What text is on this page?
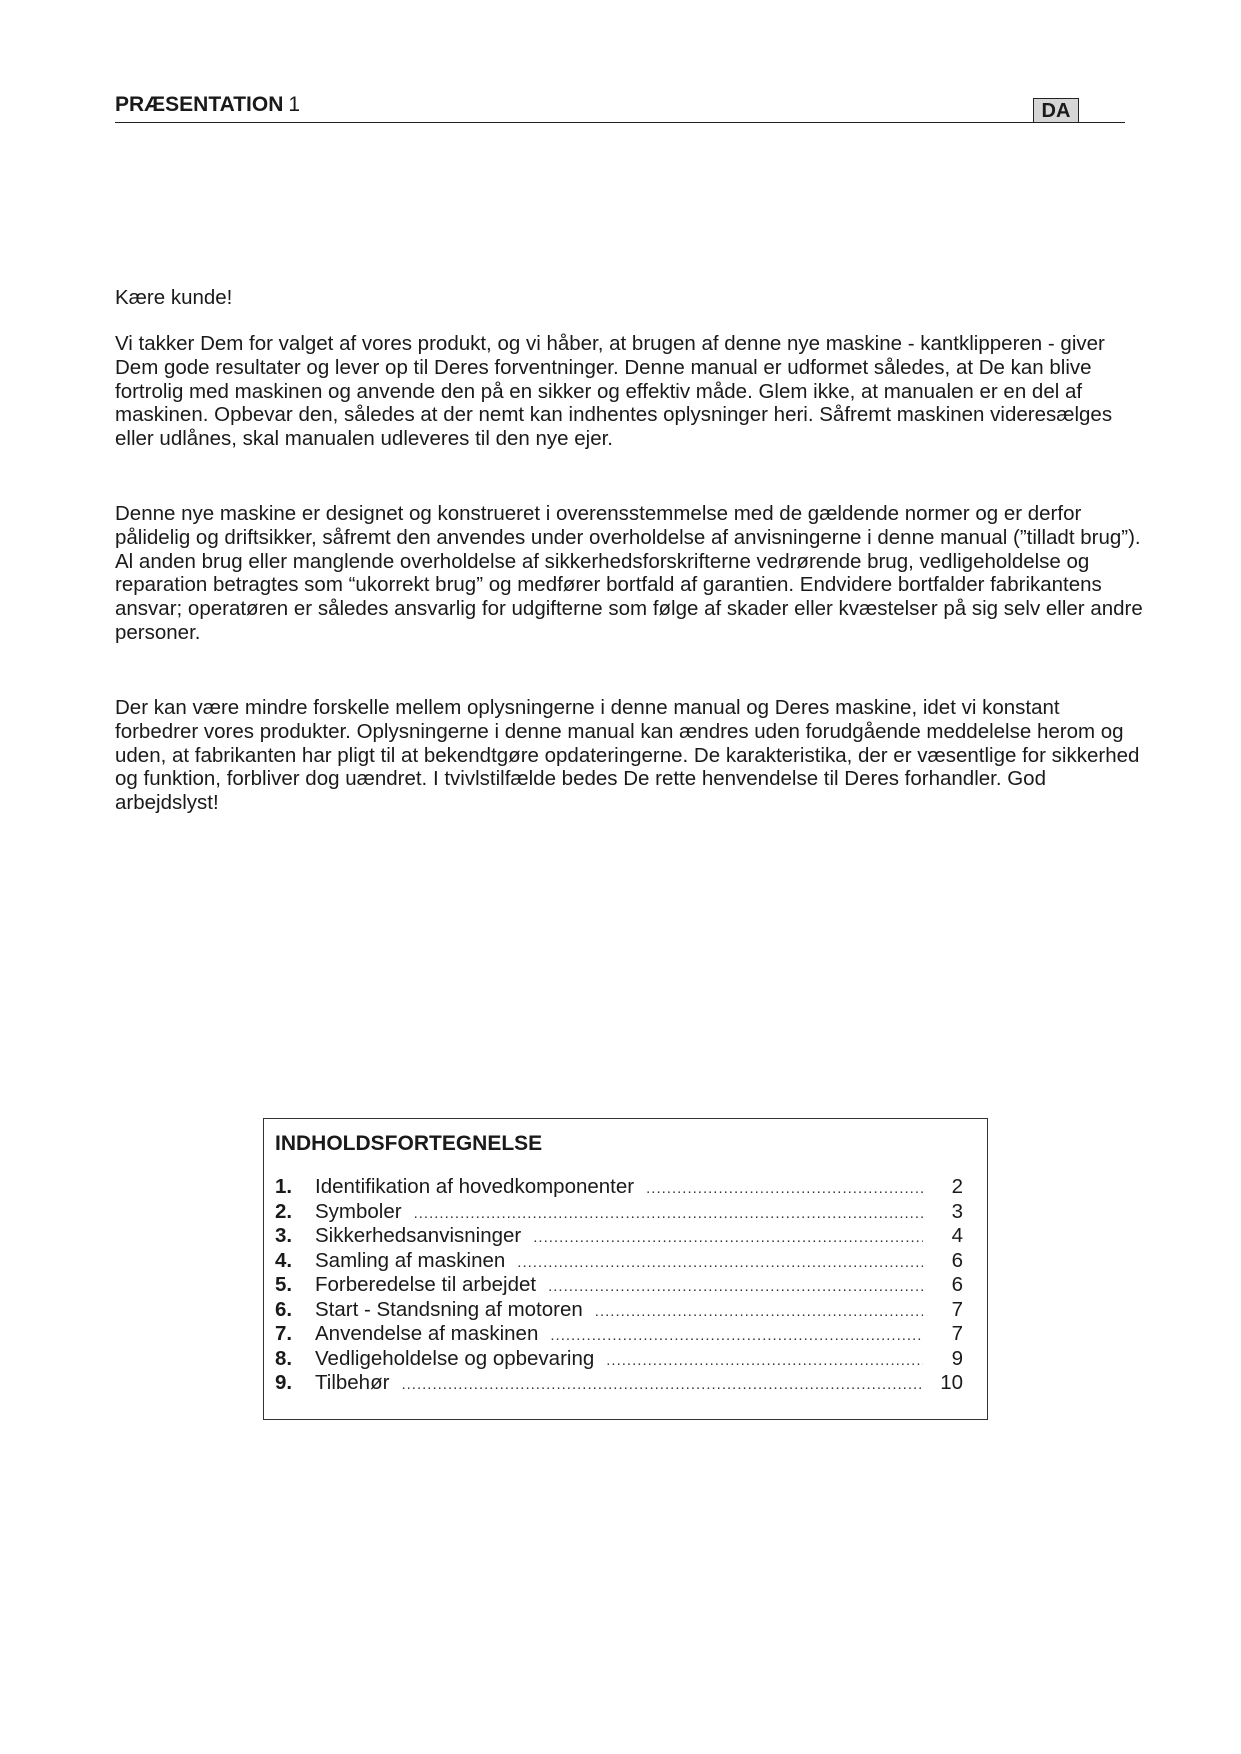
PRÆSENTATION 1	DA
Kære kunde!
Vi takker Dem for valget af vores produkt, og vi håber, at brugen af denne nye maskine - kantklipperen - giver Dem gode resultater og lever op til Deres forventninger. Denne manual er udformet således, at De kan blive fortrolig med maskinen og anvende den på en sikker og effektiv måde. Glem ikke, at manualen er en del af maskinen. Opbevar den, således at der nemt kan indhentes oplysninger heri. Såfremt maskinen videresælges eller udlånes, skal manualen udleveres til den nye ejer.
Denne nye maskine er designet og konstrueret i overensstemmelse med de gældende normer og er derfor pålidelig og driftsikker, såfremt den anvendes under overholdelse af anvisningerne i denne manual (”tilladt brug”). Al anden brug eller manglende overholdelse af sikkerhedsforskrifterne vedrørende brug, vedligeholdelse og reparation betragtes som “ukorrekt brug” og medfører bortfald af garantien. Endvidere bortfalder fabrikantens ansvar; operatøren er således ansvarlig for udgifterne som følge af skader eller kvæstelser på sig selv eller andre personer.
Der kan være mindre forskelle mellem oplysningerne i denne manual og Deres maskine, idet vi konstant forbedrer vores produkter. Oplysningerne i denne manual kan ændres uden forudgående meddelelse herom og uden, at fabrikanten har pligt til at bekendtgøre opdateringerne. De karakteristika, der er væsentlige for sikkerhed og funktion, forbliver dog uændret. I tvivlstilfælde bedes De rette henvendelse til Deres forhandler. God arbejdslyst!
INDHOLDSFORTEGNELSE
1.	Identifikation af hovedkomponenter .....	2
2.	Symboler .....	3
3.	Sikkerhedsanvisninger .....	4
4.	Samling af maskinen .....	6
5.	Forberedelse til arbejdet .....	6
6.	Start - Standsning af motoren .....	7
7.	Anvendelse af maskinen .....	7
8.	Vedligeholdelse og opbevaring .....	9
9.	Tilbehør .....	10
